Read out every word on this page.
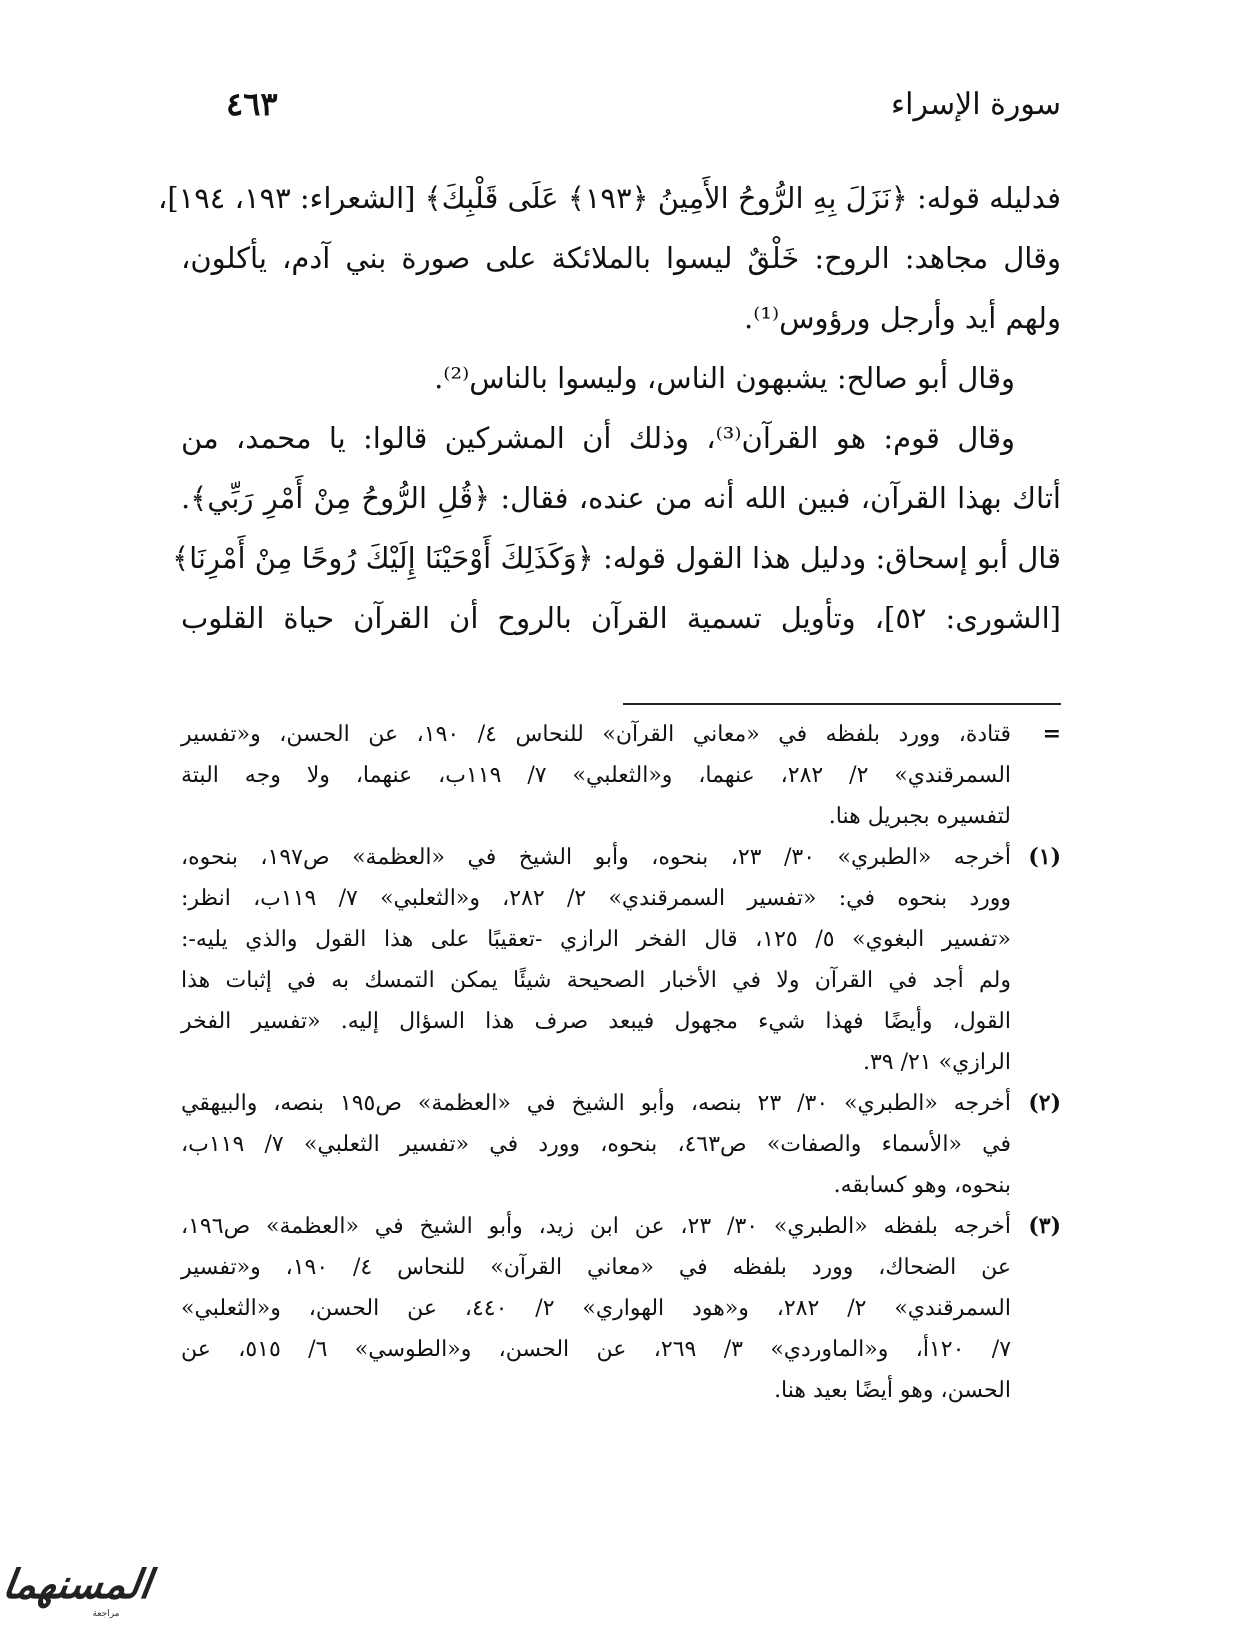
سورة الإسراء
٤٦٣
فدليله قوله: ﴿نَزَلَ بِهِ الرُّوحُ الأَمِينُ ﴿١٩٣﴾ عَلَى قَلْبِكَ﴾ [الشعراء: ١٩٣، ١٩٤]،
وقال مجاهد: الروح: خَلْقٌ ليسوا بالملائكة على صورة بني آدم، يأكلون،
ولهم أيد وأرجل ورؤوس⁽¹⁾.
وقال أبو صالح: يشبهون الناس، وليسوا بالناس⁽²⁾.
وقال قوم: هو القرآن⁽³⁾، وذلك أن المشركين قالوا: يا محمد، من
أتاك بهذا القرآن، فبين الله أنه من عنده، فقال: ﴿قُلِ الرُّوحُ مِنْ أَمْرِ رَبِّي﴾.
قال أبو إسحاق: ودليل هذا القول قوله: ﴿وَكَذَلِكَ أَوْحَيْنَا إِلَيْكَ رُوحًا مِنْ أَمْرِنَا﴾
[الشورى: ٥٢]، وتأويل تسمية القرآن بالروح أن القرآن حياة القلوب
=
قتادة، وورد بلفظه في «معاني القرآن» للنحاس ٤/ ١٩٠، عن الحسن، و«تفسير
السمرقندي» ٢/ ٢٨٢، عنهما، و«الثعلبي» ٧/ ١١٩ب، عنهما، ولا وجه البتة
لتفسيره بجبريل هنا.
(١)
أخرجه «الطبري» ٣٠/ ٢٣، بنحوه، وأبو الشيخ في «العظمة» ص١٩٧، بنحوه،
وورد بنحوه في: «تفسير السمرقندي» ٢/ ٢٨٢، و«الثعلبي» ٧/ ١١٩ب، انظر:
«تفسير البغوي» ٥/ ١٢٥، قال الفخر الرازي -تعقيبًا على هذا القول والذي يليه-:
ولم أجد في القرآن ولا في الأخبار الصحيحة شيئًا يمكن التمسك به في إثبات هذا
القول، وأيضًا فهذا شيء مجهول فيبعد صرف هذا السؤال إليه. «تفسير الفخر
الرازي» ٢١/ ٣٩.
(٢)
أخرجه «الطبري» ٣٠/ ٢٣ بنصه، وأبو الشيخ في «العظمة» ص١٩٥ بنصه، والبيهقي
في «الأسماء والصفات» ص٤٦٣، بنحوه، وورد في «تفسير الثعلبي» ٧/ ١١٩ب،
بنحوه، وهو كسابقه.
(٣)
أخرجه بلفظه «الطبري» ٣٠/ ٢٣، عن ابن زيد، وأبو الشيخ في «العظمة» ص١٩٦،
عن الضحاك، وورد بلفظه في «معاني القرآن» للنحاس ٤/ ١٩٠، و«تفسير
السمرقندي» ٢/ ٢٨٢، و«هود الهواري» ٢/ ٤٤٠، عن الحسن، و«الثعلبي»
٧/ ١٢٠أ، و«الماوردي» ٣/ ٢٦٩، عن الحسن، و«الطوسي» ٦/ ٥١٥، عن
الحسن، وهو أيضًا بعيد هنا.
المسنهما
مراجعة
